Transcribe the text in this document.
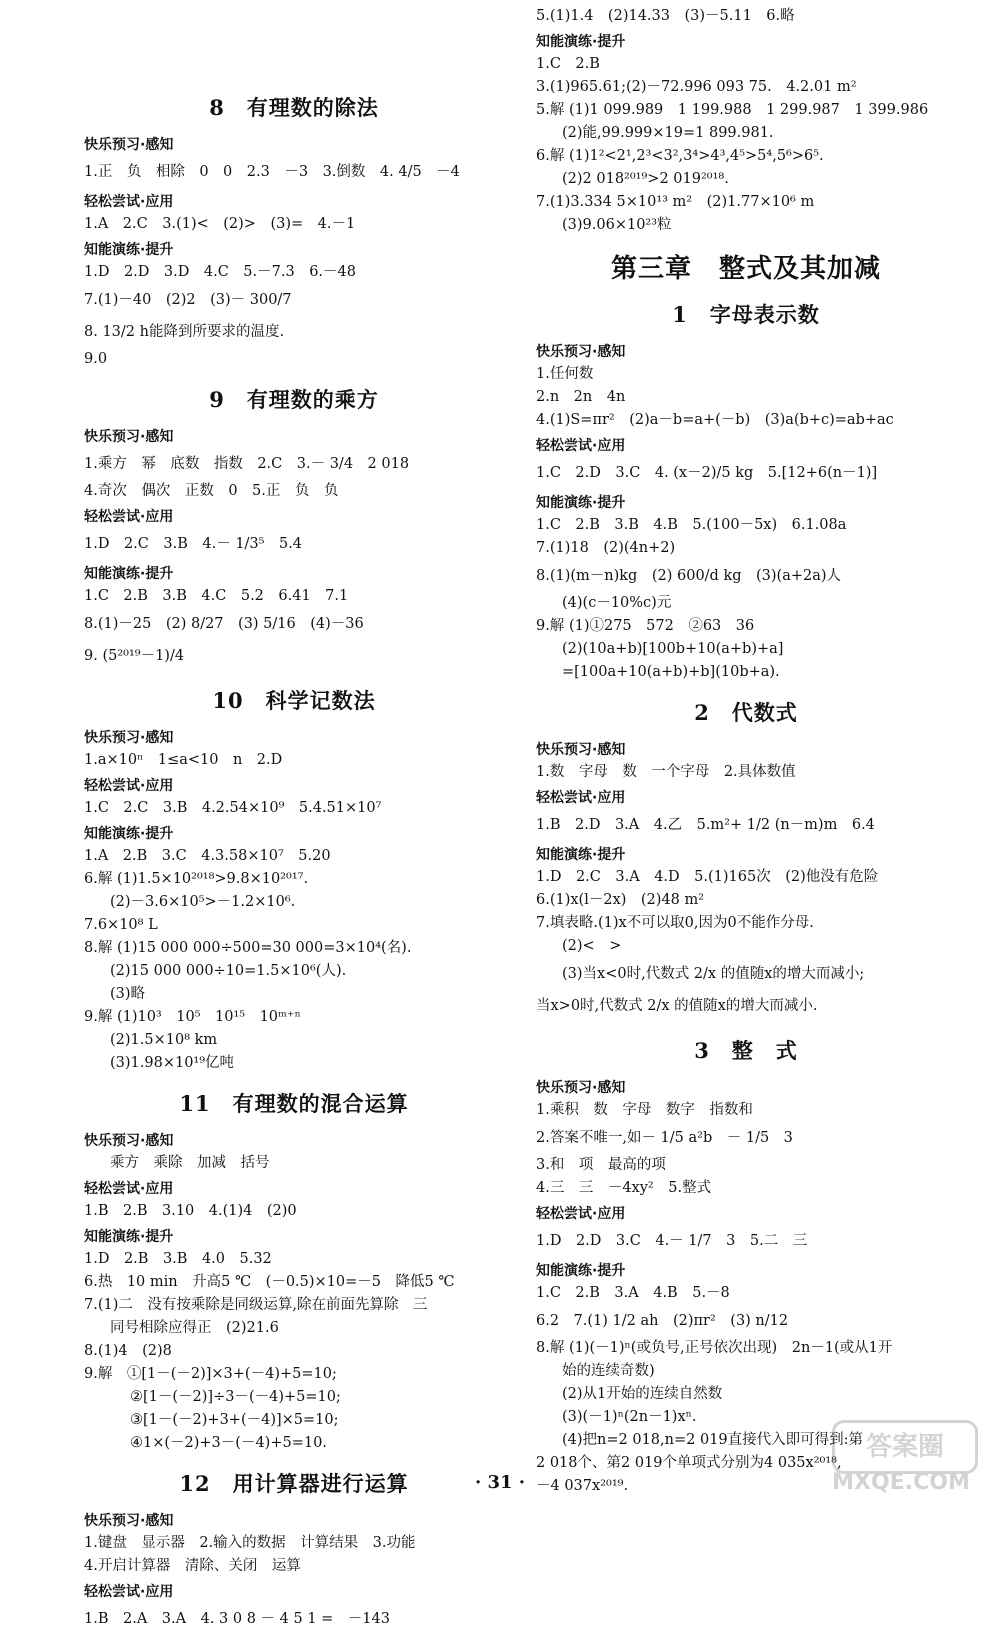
8　有理数的除法
快乐预习·感知
1.正　负　相除　0　0　2.3　－3　3.倒数　4. 4/5　－4
轻松尝试·应用
1.A　2.C　3.(1)<　(2)>　(3)=　4.－1
知能演练·提升
1.D　2.D　3.D　4.C　5.－7.3　6.－48
7.(1)－40　(2)2　(3)－ 300/7
8. 13/2 h能降到所要求的温度.
9.0
9　有理数的乘方
快乐预习·感知
1.乘方　幂　底数　指数　2.C　3.－ 3/4　2 018
4.奇次　偶次　正数　0　5.正　负　负
轻松尝试·应用
1.D　2.C　3.B　4.－ 1/3⁵　5.4
知能演练·提升
1.C　2.B　3.B　4.C　5.2　6.41　7.1
8.(1)－25　(2) 8/27　(3) 5/16　(4)－36
9. (5²⁰¹⁹－1)/4
10　科学记数法
快乐预习·感知
1.a×10ⁿ　1≤a<10　n　2.D
轻松尝试·应用
1.C　2.C　3.B　4.2.54×10⁹　5.4.51×10⁷
知能演练·提升
1.A　2.B　3.C　4.3.58×10⁷　5.20
6.解 (1)1.5×10²⁰¹⁸>9.8×10²⁰¹⁷.
(2)－3.6×10⁵>－1.2×10⁶.
7.6×10⁸ L
8.解 (1)15 000 000÷500=30 000=3×10⁴(名).
(2)15 000 000÷10=1.5×10⁶(人).
(3)略
9.解 (1)10³　10⁵　10¹⁵　10ᵐ⁺ⁿ
(2)1.5×10⁸ km
(3)1.98×10¹⁹亿吨
11　有理数的混合运算
快乐预习·感知
乘方　乘除　加减　括号
轻松尝试·应用
1.B　2.B　3.10　4.(1)4　(2)0
知能演练·提升
1.D　2.B　3.B　4.0　5.32
6.热　10 min　升高5 ℃　(－0.5)×10=－5　降低5 ℃
7.(1)二　没有按乘除是同级运算,除在前面先算除　三
同号相除应得正　(2)21.6
8.(1)4　(2)8
9.解　①[1－(－2)]×3+(－4)+5=10;
②[1－(－2)]÷3－(－4)+5=10;
③[1－(－2)+3+(－4)]×5=10;
④1×(－2)+3－(－4)+5=10.
12　用计算器进行运算
快乐预习·感知
1.键盘　显示器　2.输入的数据　计算结果　3.功能
4.开启计算器　清除、关闭　运算
轻松尝试·应用
1.B　2.A　3.A　4. 3 0 8 － 4 5 1 =　－143
5.(1)1.4　(2)14.33　(3)－5.11　6.略
知能演练·提升
1.C　2.B
3.(1)965.61;(2)－72.996 093 75.　4.2.01 m²
5.解 (1)1 099.989　1 199.988　1 299.987　1 399.986
(2)能,99.999×19=1 899.981.
6.解 (1)1²<2¹,2³<3²,3⁴>4³,4⁵>5⁴,5⁶>6⁵.
(2)2 018²⁰¹⁹>2 019²⁰¹⁸.
7.(1)3.334 5×10¹³ m²　(2)1.77×10⁶ m
(3)9.06×10²³粒
第三章　整式及其加减
1　字母表示数
快乐预习·感知
1.任何数
2.n　2n　4n
4.(1)S=πr²　(2)a－b=a+(－b)　(3)a(b+c)=ab+ac
轻松尝试·应用
1.C　2.D　3.C　4. (x－2)/5 kg　5.[12+6(n－1)]
知能演练·提升
1.C　2.B　3.B　4.B　5.(100－5x)　6.1.08a
7.(1)18　(2)(4n+2)
8.(1)(m－n)kg　(2) 600/d kg　(3)(a+2a)人
(4)(c－10%c)元
9.解 (1)①275　572　②63　36
(2)(10a+b)[100b+10(a+b)+a]
=[100a+10(a+b)+b](10b+a).
2　代数式
快乐预习·感知
1.数　字母　数　一个字母　2.具体数值
轻松尝试·应用
1.B　2.D　3.A　4.乙　5.m²+ 1/2 (n－m)m　6.4
知能演练·提升
1.D　2.C　3.A　4.D　5.(1)165次　(2)他没有危险
6.(1)x(l－2x)　(2)48 m²
7.填表略.(1)x不可以取0,因为0不能作分母.
(2)<　>
(3)当x<0时,代数式 2/x 的值随x的增大而减小;
当x>0时,代数式 2/x 的值随x的增大而减小.
3　整　式
快乐预习·感知
1.乘积　数　字母　数字　指数和
2.答案不唯一,如－ 1/5 a²b　－ 1/5　3
3.和　项　最高的项
4.三　三　－4xy²　5.整式
轻松尝试·应用
1.D　2.D　3.C　4.－ 1/7　3　5.二　三
知能演练·提升
1.C　2.B　3.A　4.B　5.－8
6.2　7.(1) 1/2 ah　(2)πr²　(3) n/12
8.解 (1)(－1)ⁿ(或负号,正号依次出现)　2n－1(或从1开
始的连续奇数)
(2)从1开始的连续自然数
(3)(－1)ⁿ(2n－1)xⁿ.
(4)把n=2 018,n=2 019直接代入即可得到:第
2 018个、第2 019个单项式分别为4 035x²⁰¹⁸,
－4 037x²⁰¹⁹.
· 31 ·
答案圈
MXQE.COM
